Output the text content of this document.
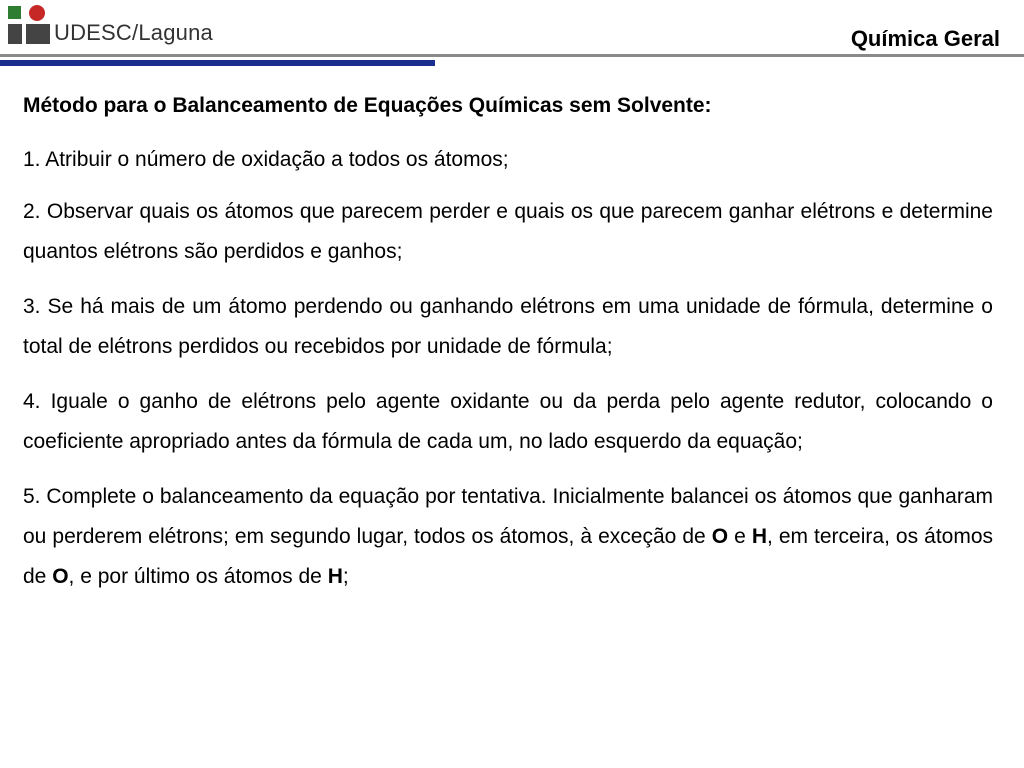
UDESC/Laguna	Química Geral
Método para o Balanceamento de Equações Químicas sem Solvente:

1. Atribuir o número de oxidação a todos os átomos;

2. Observar quais os átomos que parecem perder e quais os que parecem ganhar elétrons e determine quantos elétrons são perdidos e ganhos;

3. Se há mais de um átomo perdendo ou ganhando elétrons em uma unidade de fórmula, determine o total de elétrons perdidos ou recebidos por unidade de fórmula;

4. Iguale o ganho de elétrons pelo agente oxidante ou da perda pelo agente redutor, colocando o coeficiente apropriado antes da fórmula de cada um, no lado esquerdo da equação;

5. Complete o balanceamento da equação por tentativa. Inicialmente balancei os átomos que ganharam ou perderem elétrons; em segundo lugar, todos os átomos, à exceção de O e H, em terceira, os átomos de O, e por último os átomos de H;
